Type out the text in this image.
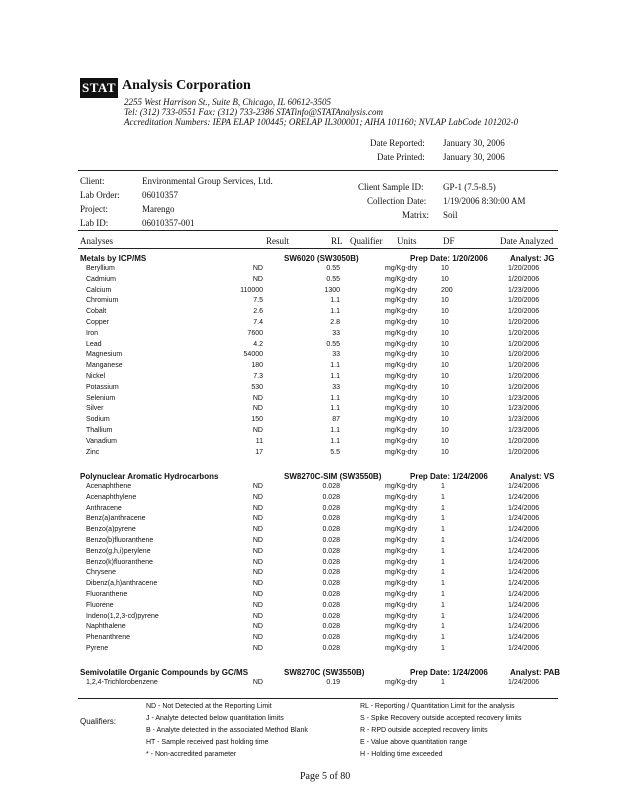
STAT Analysis Corporation
2255 West Harrison St., Suite B, Chicago, IL 60612-3505
Tel: (312) 733-0551 Fax: (312) 733-2386 STATinfo@STATAnalysis.com
Accreditation Numbers: IEPA ELAP 100445; ORELAP IL300001; AIHA 101160; NVLAP LabCode 101202-0
Date Reported: January 30, 2006
Date Printed: January 30, 2006
Client:	Environmental Group Services, Ltd.
Lab Order: 06010357
Project:	Marengo
Lab ID:	06010357-001
Client Sample ID: GP-1 (7.5-8.5)
Collection Date: 1/19/2006 8:30:00 AM
Matrix: Soil
Analyses	Result	RL Qualifier Units	DF	Date Analyzed
Metals by ICP/MS	SW6020 (SW3050B)	Prep Date: 1/20/2006	Analyst: JG
Beryllium	ND	0.55	mg/Kg-dry	10	1/20/2006
Cadmium	ND	0.55	mg/Kg-dry	10	1/20/2006
Calcium	110000	1300	mg/Kg-dry	200	1/23/2006
Chromium	7.5	1.1	mg/Kg-dry	10	1/20/2006
Cobalt	2.6	1.1	mg/Kg-dry	10	1/20/2006
Copper	7.4	2.8	mg/Kg-dry	10	1/20/2006
Iron	7600	33	mg/Kg-dry	10	1/20/2006
Lead	4.2	0.55	mg/Kg-dry	10	1/20/2006
Magnesium	54000	33	mg/Kg-dry	10	1/20/2006
Manganese	180	1.1	mg/Kg-dry	10	1/20/2006
Nickel	7.3	1.1	mg/Kg-dry	10	1/20/2006
Potassium	530	33	mg/Kg-dry	10	1/20/2006
Selenium	ND	1.1	mg/Kg-dry	10	1/23/2006
Silver	ND	1.1	mg/Kg-dry	10	1/23/2006
Sodium	150	87	mg/Kg-dry	10	1/23/2006
Thallium	ND	1.1	mg/Kg-dry	10	1/23/2006
Vanadium	11	1.1	mg/Kg-dry	10	1/20/2006
Zinc	17	5.5	mg/Kg-dry	10	1/20/2006
Polynuclear Aromatic Hydrocarbons	SW8270C-SIM (SW3550B)	Prep Date: 1/24/2006	Analyst: VS
Acenaphthene	ND	0.028	mg/Kg-dry	1	1/24/2006
Acenaphthylene	ND	0.028	mg/Kg-dry	1	1/24/2006
Anthracene	ND	0.028	mg/Kg-dry	1	1/24/2006
Benz(a)anthracene	ND	0.028	mg/Kg-dry	1	1/24/2006
Benzo(a)pyrene	ND	0.028	mg/Kg-dry	1	1/24/2006
Benzo(b)fluoranthene	ND	0.028	mg/Kg-dry	1	1/24/2006
Benzo(g,h,i)perylene	ND	0.028	mg/Kg-dry	1	1/24/2006
Benzo(k)fluoranthene	ND	0.028	mg/Kg-dry	1	1/24/2006
Chrysene	ND	0.028	mg/Kg-dry	1	1/24/2006
Dibenz(a,h)anthracene	ND	0.028	mg/Kg-dry	1	1/24/2006
Fluoranthene	ND	0.028	mg/Kg-dry	1	1/24/2006
Fluorene	ND	0.028	mg/Kg-dry	1	1/24/2006
Indeno(1,2,3-cd)pyrene	ND	0.028	mg/Kg-dry	1	1/24/2006
Naphthalene	ND	0.028	mg/Kg-dry	1	1/24/2006
Phenanthrene	ND	0.028	mg/Kg-dry	1	1/24/2006
Pyrene	ND	0.028	mg/Kg-dry	1	1/24/2006
Semivolatile Organic Compounds by GC/MS	SW8270C (SW3550B)	Prep Date: 1/24/2006	Analyst: PAB
1,2,4-Trichlorobenzene	ND	0.19	mg/Kg-dry	1	1/24/2006
Qualifiers:
ND - Not Detected at the Reporting Limit
J - Analyte detected below quantitation limits
B - Analyte detected in the associated Method Blank
HT - Sample received past holding time
* - Non-accredited parameter
RL - Reporting / Quantitation Limit for the analysis
S - Spike Recovery outside accepted recovery limits
R - RPD outside accepted recovery limits
E - Value above quantitation range
H - Holding time exceeded
Page 5 of 80
